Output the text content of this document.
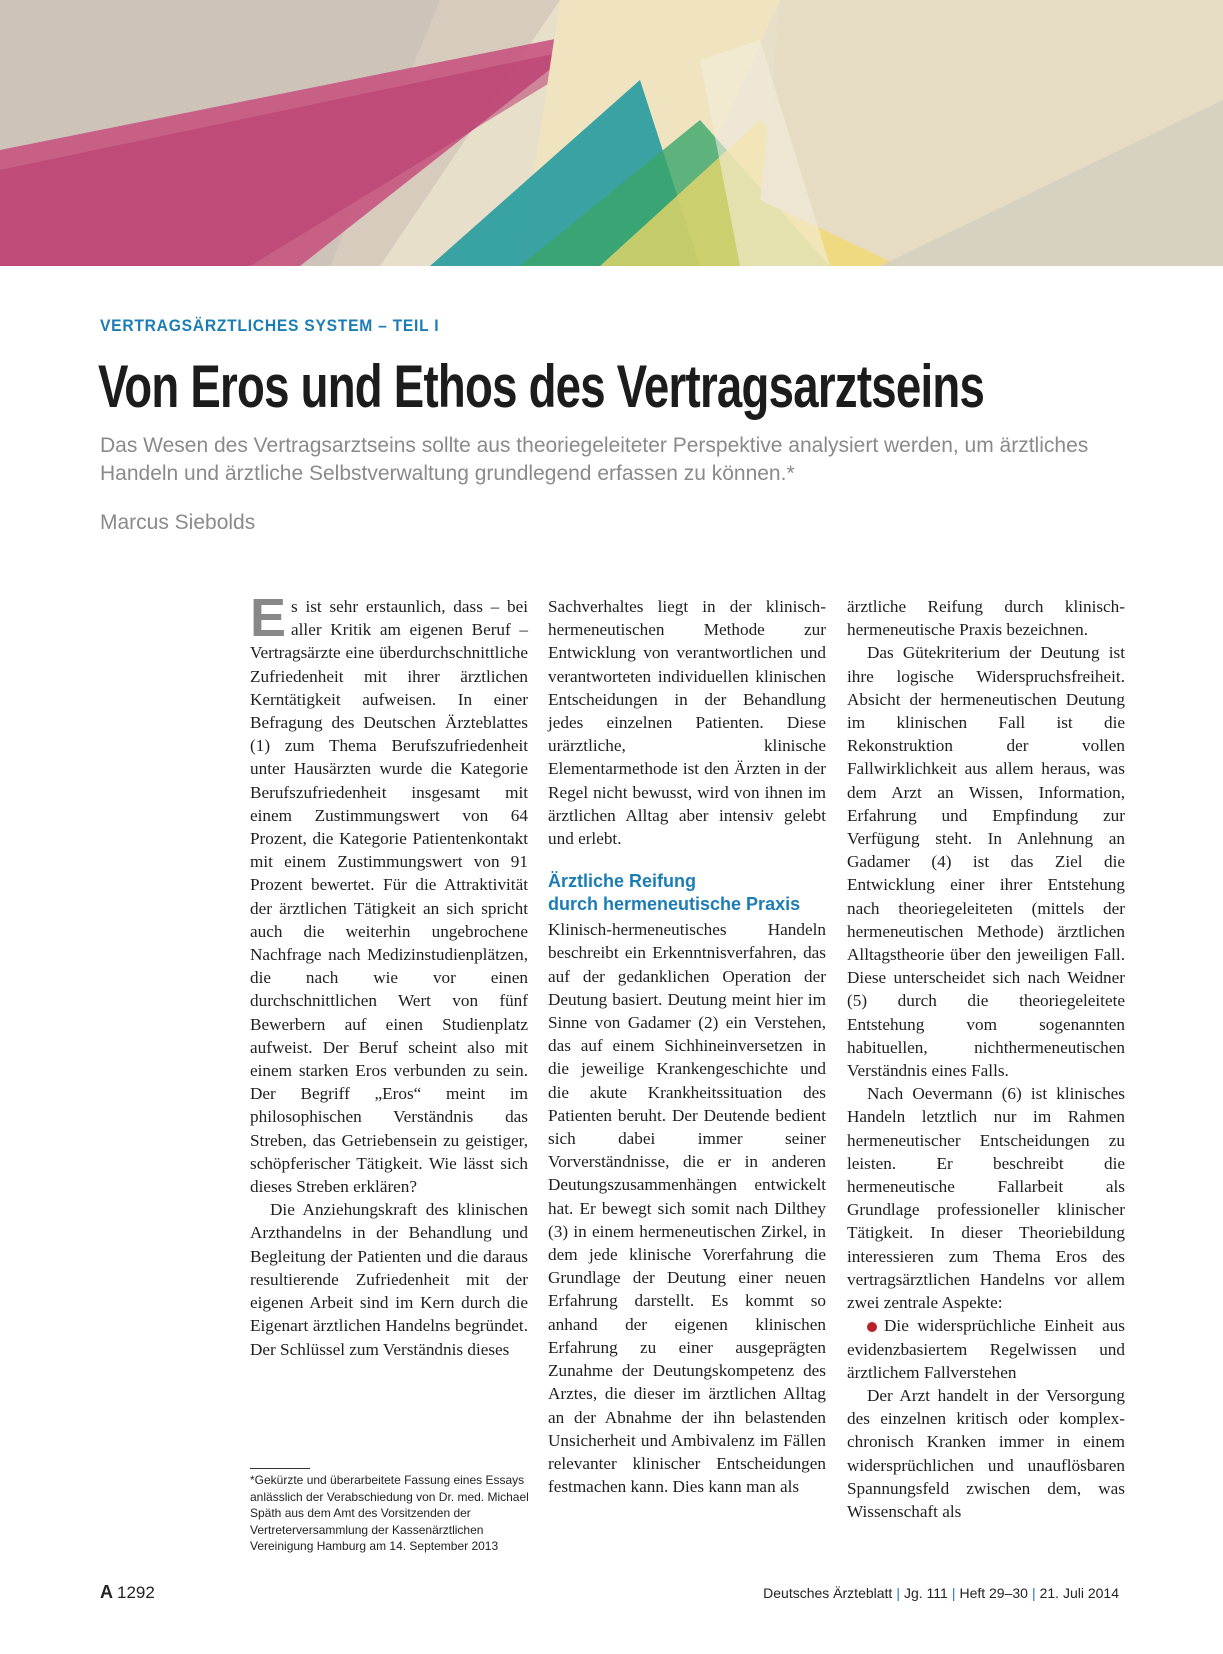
VERTRAGSÄRZTLICHES SYSTEM – TEIL I
Von Eros und Ethos des Vertragsarztseins
Das Wesen des Vertragsarztseins sollte aus theoriegeleiteter Perspektive analysiert werden, um ärztliches Handeln und ärztliche Selbstverwaltung grundlegend erfassen zu können.*
Marcus Siebolds

Es ist sehr erstaunlich, dass – bei aller Kritik am eigenen Beruf – Vertragsärzte eine überdurchschnittliche Zufriedenheit mit ihrer ärztlichen Kerntätigkeit aufweisen. In einer Befragung des Deutschen Ärzteblattes (1) zum Thema Berufszufriedenheit unter Hausärzten wurde die Kategorie Berufszufriedenheit insgesamt mit einem Zustimmungswert von 64 Prozent, die Kategorie Patientenkontakt mit einem Zustimmungswert von 91 Prozent bewertet. Für die Attraktivität der ärztlichen Tätigkeit an sich spricht auch die weiterhin ungebrochene Nachfrage nach Medizinstudienplätzen, die nach wie vor einen durchschnittlichen Wert von fünf Bewerbern auf einen Studienplatz aufweist. Der Beruf scheint also mit einem starken Eros verbunden zu sein. Der Begriff „Eros“ meint im philosophischen Verständnis das Streben, das Getriebensein zu geistiger, schöpferischer Tätigkeit. Wie lässt sich dieses Streben erklären?

Die Anziehungskraft des klinischen Arzthandelns in der Behandlung und Begleitung der Patienten und die daraus resultierende Zufriedenheit mit der eigenen Arbeit sind im Kern durch die Eigenart ärztlichen Handelns begründet. Der Schlüssel zum Verständnis dieses

Sachverhaltes liegt in der klinisch-hermeneutischen Methode zur Entwicklung von verantwortlichen und verantworteten individuellen klinischen Entscheidungen in der Behandlung jedes einzelnen Patienten. Diese urärztliche, klinische Elementarmethode ist den Ärzten in der Regel nicht bewusst, wird von ihnen im ärztlichen Alltag aber intensiv gelebt und erlebt.

Ärztliche Reifung
durch hermeneutische Praxis

Klinisch-hermeneutisches Handeln beschreibt ein Erkenntnisverfahren, das auf der gedanklichen Operation der Deutung basiert. Deutung meint hier im Sinne von Gadamer (2) ein Verstehen, das auf einem Sichhineinversetzen in die jeweilige Krankengeschichte und die akute Krankheitssituation des Patienten beruht. Der Deutende bedient sich dabei immer seiner Vorverständnisse, die er in anderen Deutungszusammenhängen entwickelt hat. Er bewegt sich somit nach Dilthey (3) in einem hermeneutischen Zirkel, in dem jede klinische Vorerfahrung die Grundlage der Deutung einer neuen Erfahrung darstellt. Es kommt so anhand der eigenen klinischen Erfahrung zu einer ausgeprägten Zunahme der Deutungskompetenz des Arztes, die dieser im ärztlichen Alltag an der Abnahme der ihn belastenden Unsicherheit und Ambivalenz im Fällen relevanter klinischer Entscheidungen festmachen kann. Dies kann man als

ärztliche Reifung durch klinisch-hermeneutische Praxis bezeichnen.

Das Gütekriterium der Deutung ist ihre logische Widerspruchsfreiheit. Absicht der hermeneutischen Deutung im klinischen Fall ist die Rekonstruktion der vollen Fallwirklichkeit aus allem heraus, was dem Arzt an Wissen, Information, Erfahrung und Empfindung zur Verfügung steht. In Anlehnung an Gadamer (4) ist das Ziel die Entwicklung einer ihrer Entstehung nach theoriegeleiteten (mittels der hermeneutischen Methode) ärztlichen Alltagstheorie über den jeweiligen Fall. Diese unterscheidet sich nach Weidner (5) durch die theoriegeleitete Entstehung vom sogenannten habituellen, nichthermeneutischen Verständnis eines Falls.

Nach Oevermann (6) ist klinisches Handeln letztlich nur im Rahmen hermeneutischer Entscheidungen zu leisten. Er beschreibt die hermeneutische Fallarbeit als Grundlage professioneller klinischer Tätigkeit. In dieser Theoriebildung interessieren zum Thema Eros des vertragsärztlichen Handelns vor allem zwei zentrale Aspekte:

Die widersprüchliche Einheit aus evidenzbasiertem Regelwissen und ärztlichem Fallverstehen

Der Arzt handelt in der Versorgung des einzelnen kritisch oder komplex-chronisch Kranken immer in einem widersprüchlichen und unauflösbaren Spannungsfeld zwischen dem, was Wissenschaft als

*Gekürzte und überarbeitete Fassung eines Essays anlässlich der Verabschiedung von Dr. med. Michael Späth aus dem Amt des Vorsitzenden der Vertreterversammlung der Kassenärztlichen Vereinigung Hamburg am 14. September 2013
A 1292	Deutsches Ärzteblatt | Jg. 111 | Heft 29–30 | 21. Juli 2014
